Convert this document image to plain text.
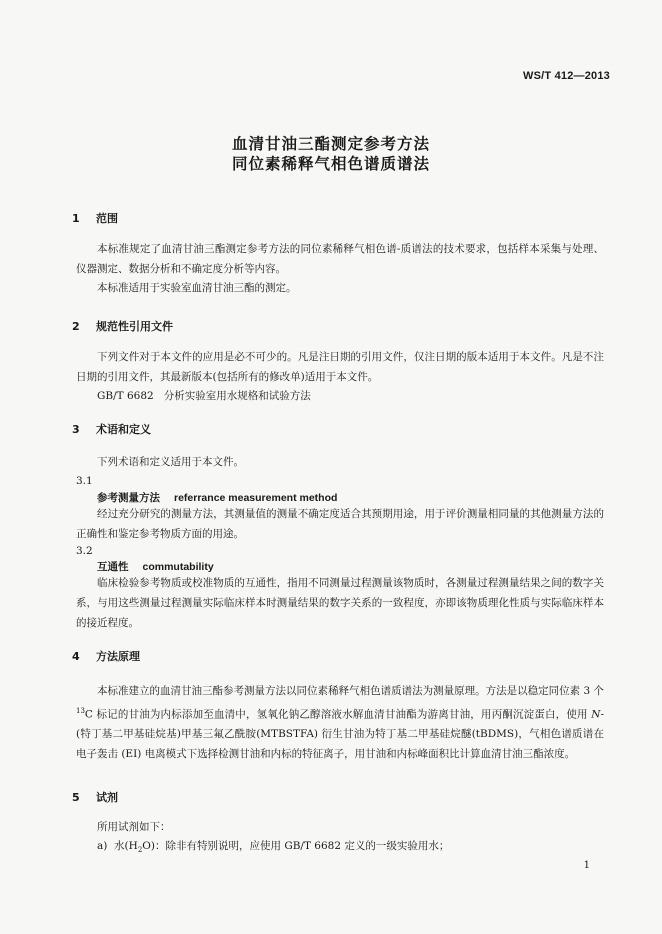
WS/T 412—2013
血清甘油三酯测定参考方法
同位素稀释气相色谱质谱法
1 范围

本标准规定了血清甘油三酯测定参考方法的同位素稀释气相色谱-质谱法的技术要求，包括样本采集与处理、仪器测定、数据分析和不确定度分析等内容。

本标准适用于实验室血清甘油三酯的测定。

2 规范性引用文件

下列文件对于本文件的应用是必不可少的。凡是注日期的引用文件，仅注日期的版本适用于本文件。凡是不注日期的引用文件，其最新版本(包括所有的修改单)适用于本文件。

GB/T 6682 分析实验室用水规格和试验方法
3 术语和定义

下列术语和定义适用于本文件。

3.1
参考测量方法 referrance measurement method

经过充分研究的测量方法，其测量值的测量不确定度适合其预期用途，用于评价测量相同量的其他测量方法的正确性和鉴定参考物质方面的用途。

3.2
互通性 commutability

临床检验参考物质或校准物质的互通性，指用不同测量过程测量该物质时，各测量过程测量结果之间的数字关系，与用这些测量过程测量实际临床样本时测量结果的数字关系的一致程度，亦即该物质理化性质与实际临床样本的接近程度。

4 方法原理

本标准建立的血清甘油三酯参考测量方法以同位素稀释气相色谱质谱法为测量原理。方法是以稳定同位素 3 个$^{13}$C 标记的甘油为内标添加至血清中，氢氧化钠乙醇溶液水解血清甘油酯为游离甘油，用丙酮沉淀蛋白，使用 N-(特丁基二甲基硅烷基)甲基三氟乙酰胺(MTBSTFA) 衍生甘油为特丁基二甲基硅烷醚(tBDMS)，气相色谱质谱在电子轰击 (EI) 电离模式下选择检测甘油和内标的特征离子，用甘油和内标峰面积比计算血清甘油三酯浓度。

5 试剂

所用试剂如下：

a) 水$(H_2O)$：除非有特别说明，应使用 GB/T 6682 定义的一级实验用水；
1
